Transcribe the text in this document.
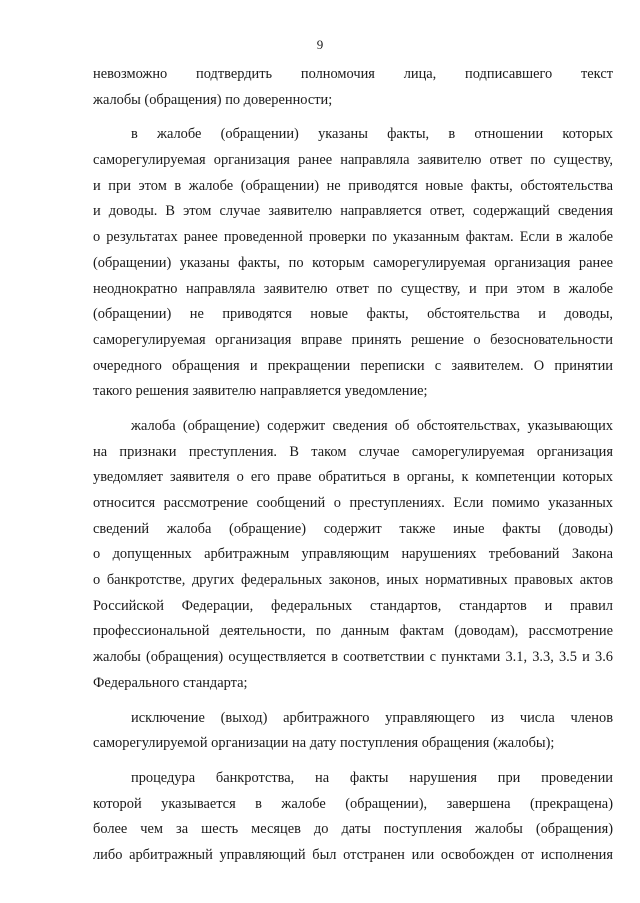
9
невозможно подтвердить полномочия лица, подписавшего текст
жалобы (обращения) по доверенности;
в жалобе (обращении) указаны факты, в отношении которых
саморегулируемая организация ранее направляла заявителю ответ по существу,
и при этом в жалобе (обращении) не приводятся новые факты, обстоятельства
и доводы. В этом случае заявителю направляется ответ, содержащий сведения
о результатах ранее проведенной проверки по указанным фактам. Если в жалобе
(обращении) указаны факты, по которым саморегулируемая организация ранее
неоднократно направляла заявителю ответ по существу, и при этом в жалобе
(обращении) не приводятся новые факты, обстоятельства и доводы,
саморегулируемая организация вправе принять решение о безосновательности
очередного обращения и прекращении переписки с заявителем. О принятии
такого решения заявителю направляется уведомление;
жалоба (обращение) содержит сведения об обстоятельствах, указывающих
на признаки преступления. В таком случае саморегулируемая организация
уведомляет заявителя о его праве обратиться в органы, к компетенции которых
относится рассмотрение сообщений о преступлениях. Если помимо указанных
сведений жалоба (обращение) содержит также иные факты (доводы)
о допущенных арбитражным управляющим нарушениях требований Закона
о банкротстве, других федеральных законов, иных нормативных правовых актов
Российской Федерации, федеральных стандартов, стандартов и правил
профессиональной деятельности, по данным фактам (доводам), рассмотрение
жалобы (обращения) осуществляется в соответствии с пунктами 3.1, 3.3, 3.5 и 3.6
Федерального стандарта;
исключение (выход) арбитражного управляющего из числа членов
саморегулируемой организации на дату поступления обращения (жалобы);
процедура банкротства, на факты нарушения при проведении
которой указывается в жалобе (обращении), завершена (прекращена)
более чем за шесть месяцев до даты поступления жалобы (обращения)
либо арбитражный управляющий был отстранен или освобожден от исполнения
